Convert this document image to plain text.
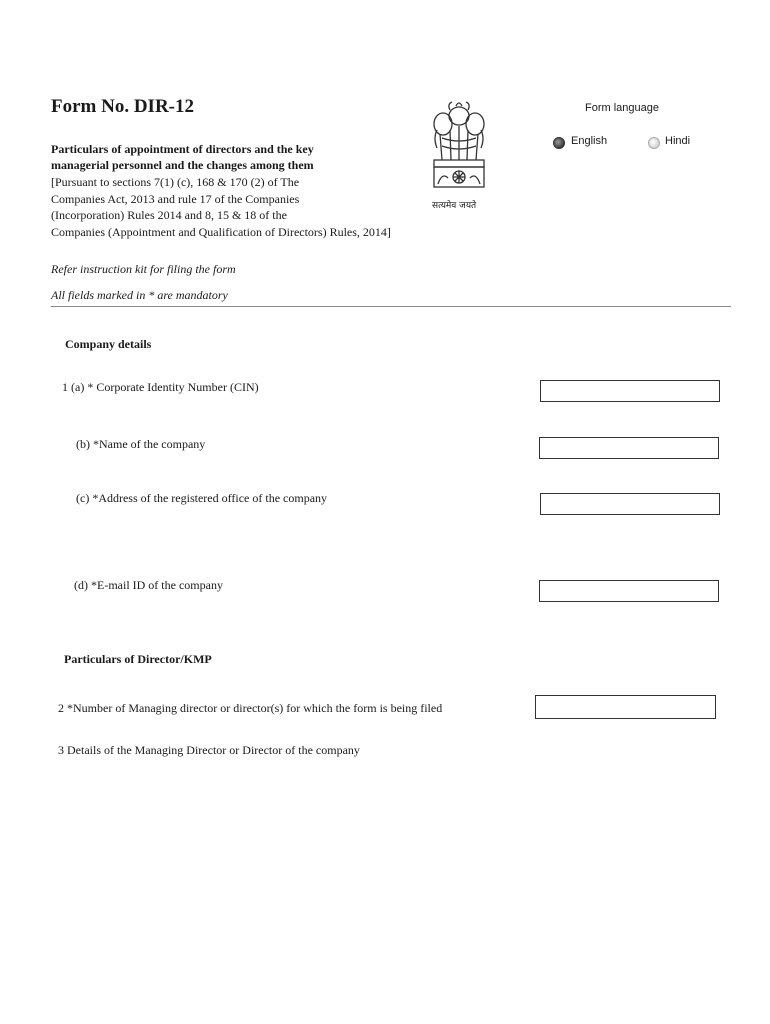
Form No. DIR-12
Particulars of appointment of directors and the key
managerial personnel and the changes among them
[Pursuant to sections 7(1) (c), 168 & 170 (2) of The
Companies Act, 2013 and rule 17 of the Companies
(Incorporation) Rules 2014 and 8, 15 & 18 of the
Companies (Appointment and Qualification of Directors) Rules, 2014]
सत्यमेव जयते
Form language
English	Hindi
Refer instruction kit for filing the form
All fields marked in * are mandatory
Company details
1 (a) * Corporate Identity Number (CIN)
(b) *Name of the company
(c) *Address of the registered office of the company
(d) *E-mail ID of the company
Particulars of Director/KMP
2 *Number of Managing director or director(s) for which the form is being filed
3 Details of the Managing Director or Director of the company
